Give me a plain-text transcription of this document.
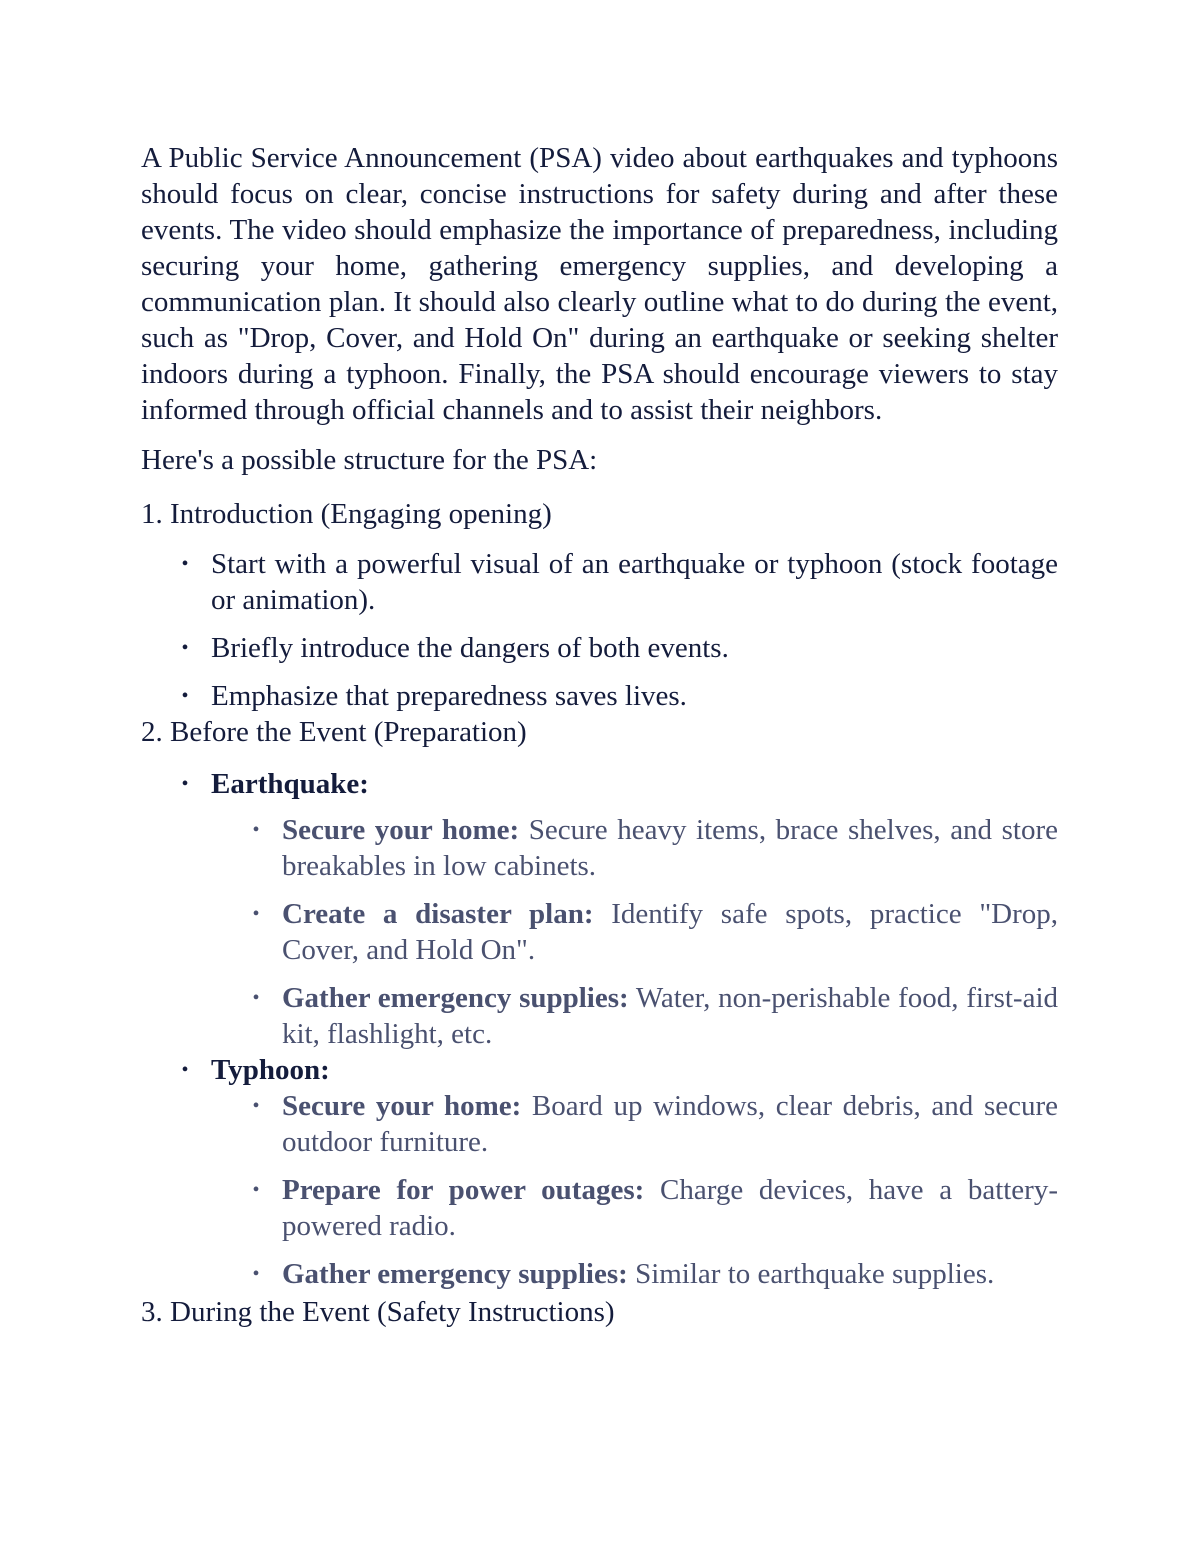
A Public Service Announcement (PSA) video about earthquakes and typhoons should focus on clear, concise instructions for safety during and after these events. The video should emphasize the importance of preparedness, including securing your home, gathering emergency supplies, and developing a communication plan. It should also clearly outline what to do during the event, such as "Drop, Cover, and Hold On" during an earthquake or seeking shelter indoors during a typhoon. Finally, the PSA should encourage viewers to stay informed through official channels and to assist their neighbors.

Here's a possible structure for the PSA:

1. Introduction (Engaging opening)

• Start with a powerful visual of an earthquake or typhoon (stock footage or animation).
• Briefly introduce the dangers of both events.
• Emphasize that preparedness saves lives.

2. Before the Event (Preparation)

• Earthquake:
• Secure your home: Secure heavy items, brace shelves, and store breakables in low cabinets.
• Create a disaster plan: Identify safe spots, practice "Drop, Cover, and Hold On".
• Gather emergency supplies: Water, non-perishable food, first-aid kit, flashlight, etc.
• Typhoon:
• Secure your home: Board up windows, clear debris, and secure outdoor furniture.
• Prepare for power outages: Charge devices, have a battery-powered radio.
• Gather emergency supplies: Similar to earthquake supplies.

3. During the Event (Safety Instructions)
